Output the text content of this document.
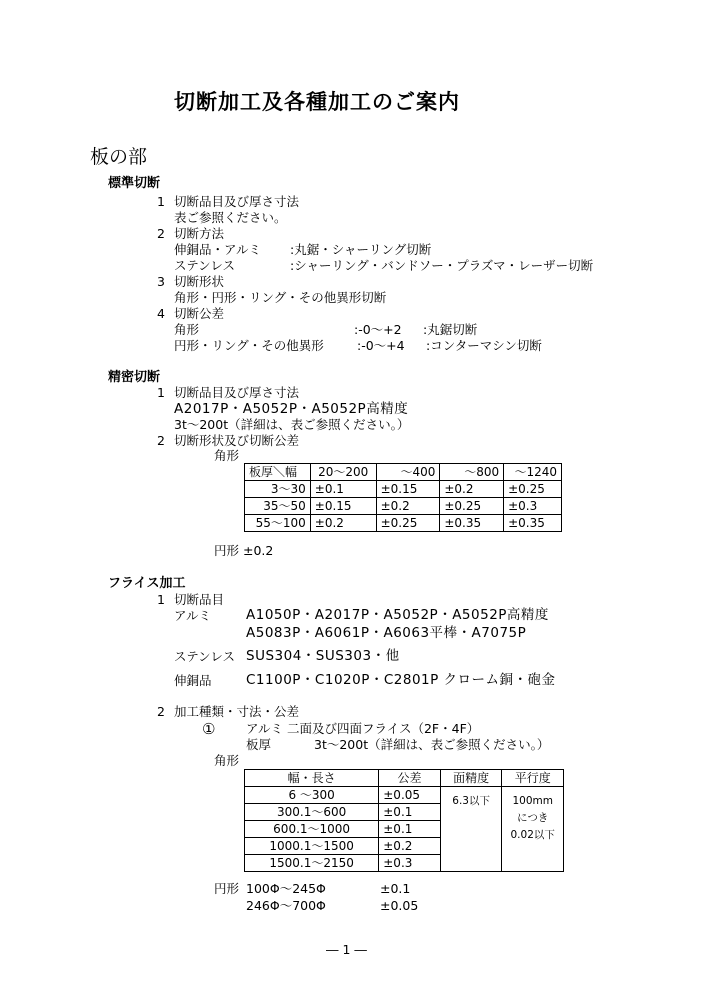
切断加工及各種加工のご案内
板の部
標準切断
1 切断品目及び厚さ寸法
表ご参照ください。
2 切断方法
伸銅品・アルミ :丸鋸・シャーリング切断
ステンレス	:シャーリング・バンドソー・プラズマ・レーザー切断
3 切断形状
角形・円形・リング・その他異形切断
4 切断公差
角形	:-0～+2 :丸鋸切断
円形・リング・その他異形	:-0～+4 :コンターマシン切断
精密切断
1 切断品目及び厚さ寸法
A2017P・A5052P・A5052P高精度
3t～200t（詳細は、表ご参照ください。）
2 切断形状及び切断公差
角形
板厚＼幅	20～200	～400	～800	～1240
3～30	±0.1	±0.15	±0.2	±0.25
35～50	±0.15	±0.2	±0.25	±0.3
55～100	±0.2	±0.25	±0.35	±0.35
円形 ±0.2
フライス加工
1 切断品目
アルミ	A1050P・A2017P・A5052P・A5052P高精度
A5083P・A6061P・A6063平棒・A7075P
ステンレス SUS304・SUS303・他
伸銅品	C1100P・C1020P・C2801P クローム銅・砲金
2 加工種類・寸法・公差
① アルミ 二面及び四面フライス（2F・4F）
板厚	3t～200t（詳細は、表ご参照ください。）
角形
幅・長さ	公差	面精度	平行度
6 ～300	±0.05	6.3以下	100mm
につき
0.02以下

300.1～600	±0.1		
600.1～1000	±0.1		
1000.1～1500	±0.2		
1500.1～2150	±0.3		
円形 100Φ～245Φ	±0.1
246Φ～700Φ	±0.05
― 1 ―
